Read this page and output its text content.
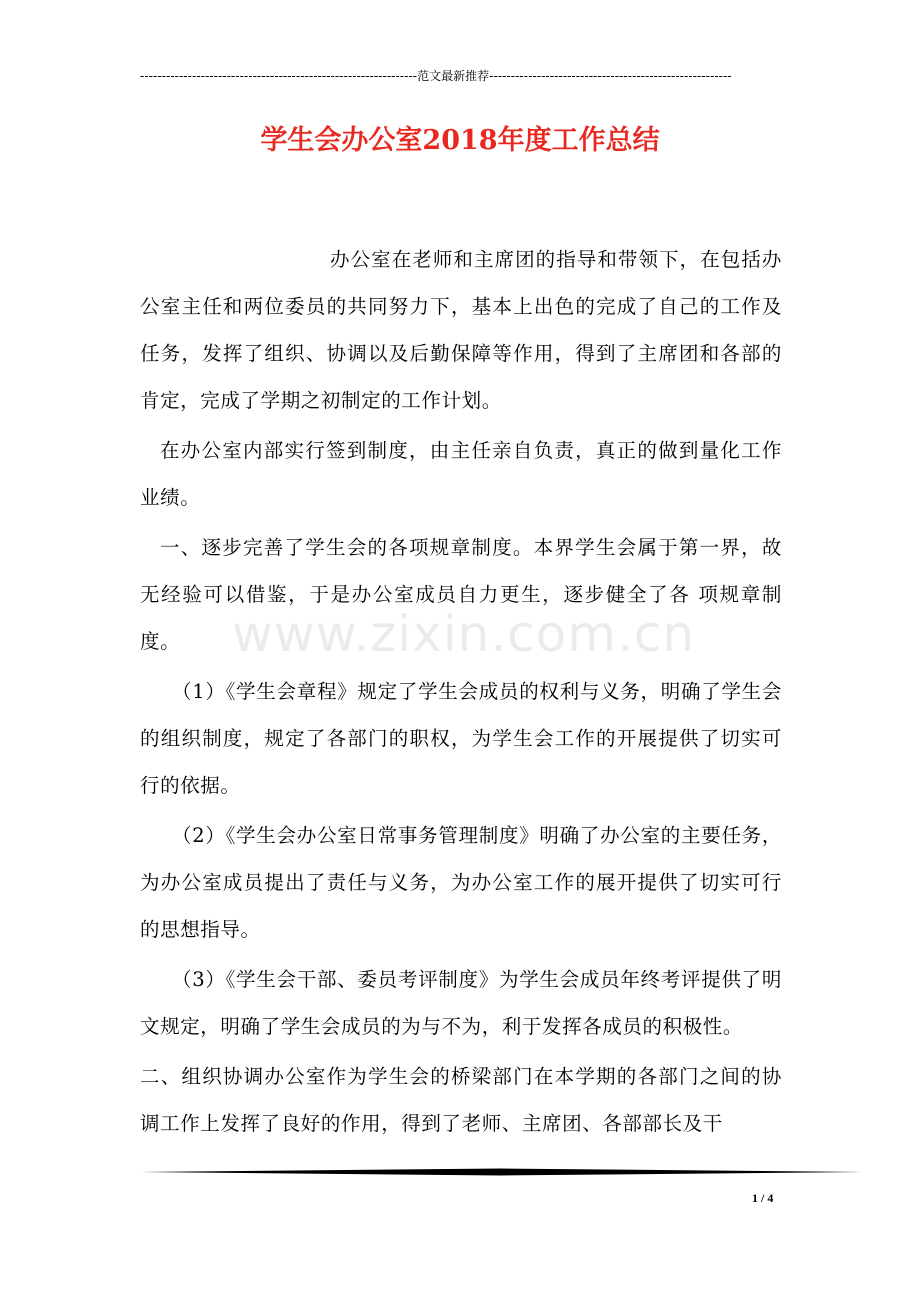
----------------------------------------------------------------范文最新推荐--------------------------------------------------------
学生会办公室2018年度工作总结

办公室在老师和主席团的指导和带领下，在包括办公室主任和两位委员的共同努力下，基本上出色的完成了自己的工作及任务，发挥了组织、协调以及后勤保障等作用，得到了主席团和各部的肯定，完成了学期之初制定的工作计划。

在办公室内部实行签到制度，由主任亲自负责，真正的做到量化工作业绩。

一、逐步完善了学生会的各项规章制度。本界学生会属于第一界，故无经验可以借鉴，于是办公室成员自力更生，逐步健全了各 项规章制度。

（1）《学生会章程》规定了学生会成员的权利与义务，明确了学生会的组织制度，规定了各部门的职权，为学生会工作的开展提供了切实可行的依据。

（2）《学生会办公室日常事务管理制度》明确了办公室的主要任务，为办公室成员提出了责任与义务，为办公室工作的展开提供了切实可行的思想指导。

（3）《学生会干部、委员考评制度》为学生会成员年终考评提供了明文规定，明确了学生会成员的为与不为，利于发挥各成员的积极性。

二、组织协调办公室作为学生会的桥梁部门在本学期的各部门之间的协调工作上发挥了良好的作用，得到了老师、主席团、各部部长及干

www.zixin.com.cn
1 / 4
